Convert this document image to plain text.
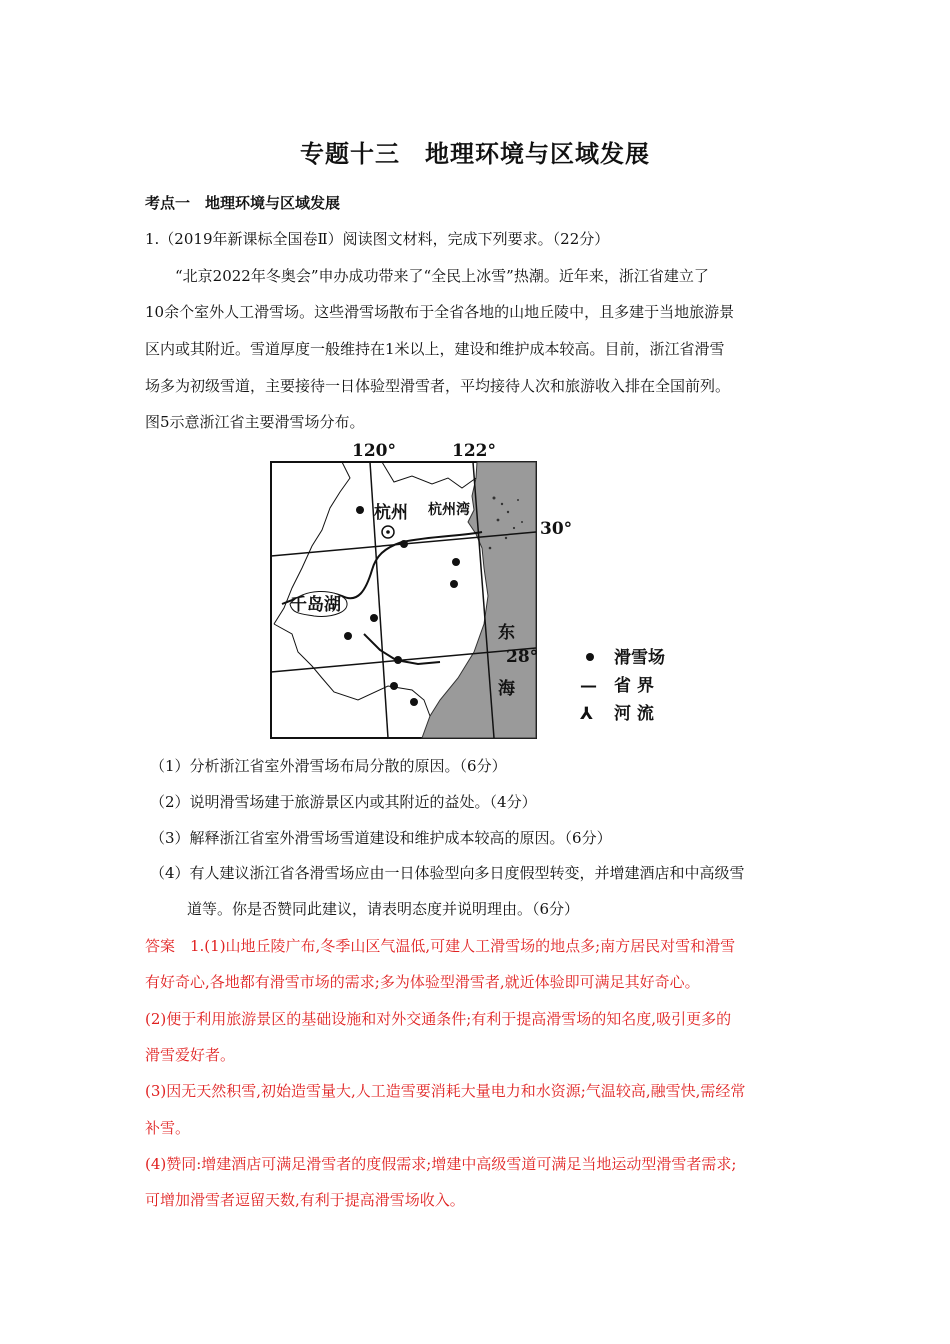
专题十三　地理环境与区域发展
考点一　地理环境与区域发展
1.（2019年新课标全国卷Ⅱ）阅读图文材料，完成下列要求。（22分）
“北京2022年冬奥会”申办成功带来了“全民上冰雪”热潮。近年来，浙江省建立了
10余个室外人工滑雪场。这些滑雪场散布于全省各地的山地丘陵中，且多建于当地旅游景
区内或其附近。雪道厚度一般维持在1米以上，建设和维护成本较高。目前，浙江省滑雪
场多为初级雪道，主要接待一日体验型滑雪者，平均接待人次和旅游收入排在全国前列。
图5示意浙江省主要滑雪场分布。
120°	122°
30°
28°
杭州 杭州湾
千岛湖
东
海
滑雪场
— 省 界
⅄ 河 流
（1）分析浙江省室外滑雪场布局分散的原因。（6分）
（2）说明滑雪场建于旅游景区内或其附近的益处。（4分）
（3）解释浙江省室外滑雪场雪道建设和维护成本较高的原因。（6分）
（4）有人建议浙江省各滑雪场应由一日体验型向多日度假型转变，并增建酒店和中高级雪
道等。你是否赞同此建议，请表明态度并说明理由。（6分）
答案　1.(1)山地丘陵广布,冬季山区气温低,可建人工滑雪场的地点多;南方居民对雪和滑雪
有好奇心,各地都有滑雪市场的需求;多为体验型滑雪者,就近体验即可满足其好奇心。
(2)便于利用旅游景区的基础设施和对外交通条件;有利于提高滑雪场的知名度,吸引更多的
滑雪爱好者。
(3)因无天然积雪,初始造雪量大,人工造雪要消耗大量电力和水资源;气温较高,融雪快,需经常
补雪。
(4)赞同:增建酒店可满足滑雪者的度假需求;增建中高级雪道可满足当地运动型滑雪者需求;
可增加滑雪者逗留天数,有利于提高滑雪场收入。
